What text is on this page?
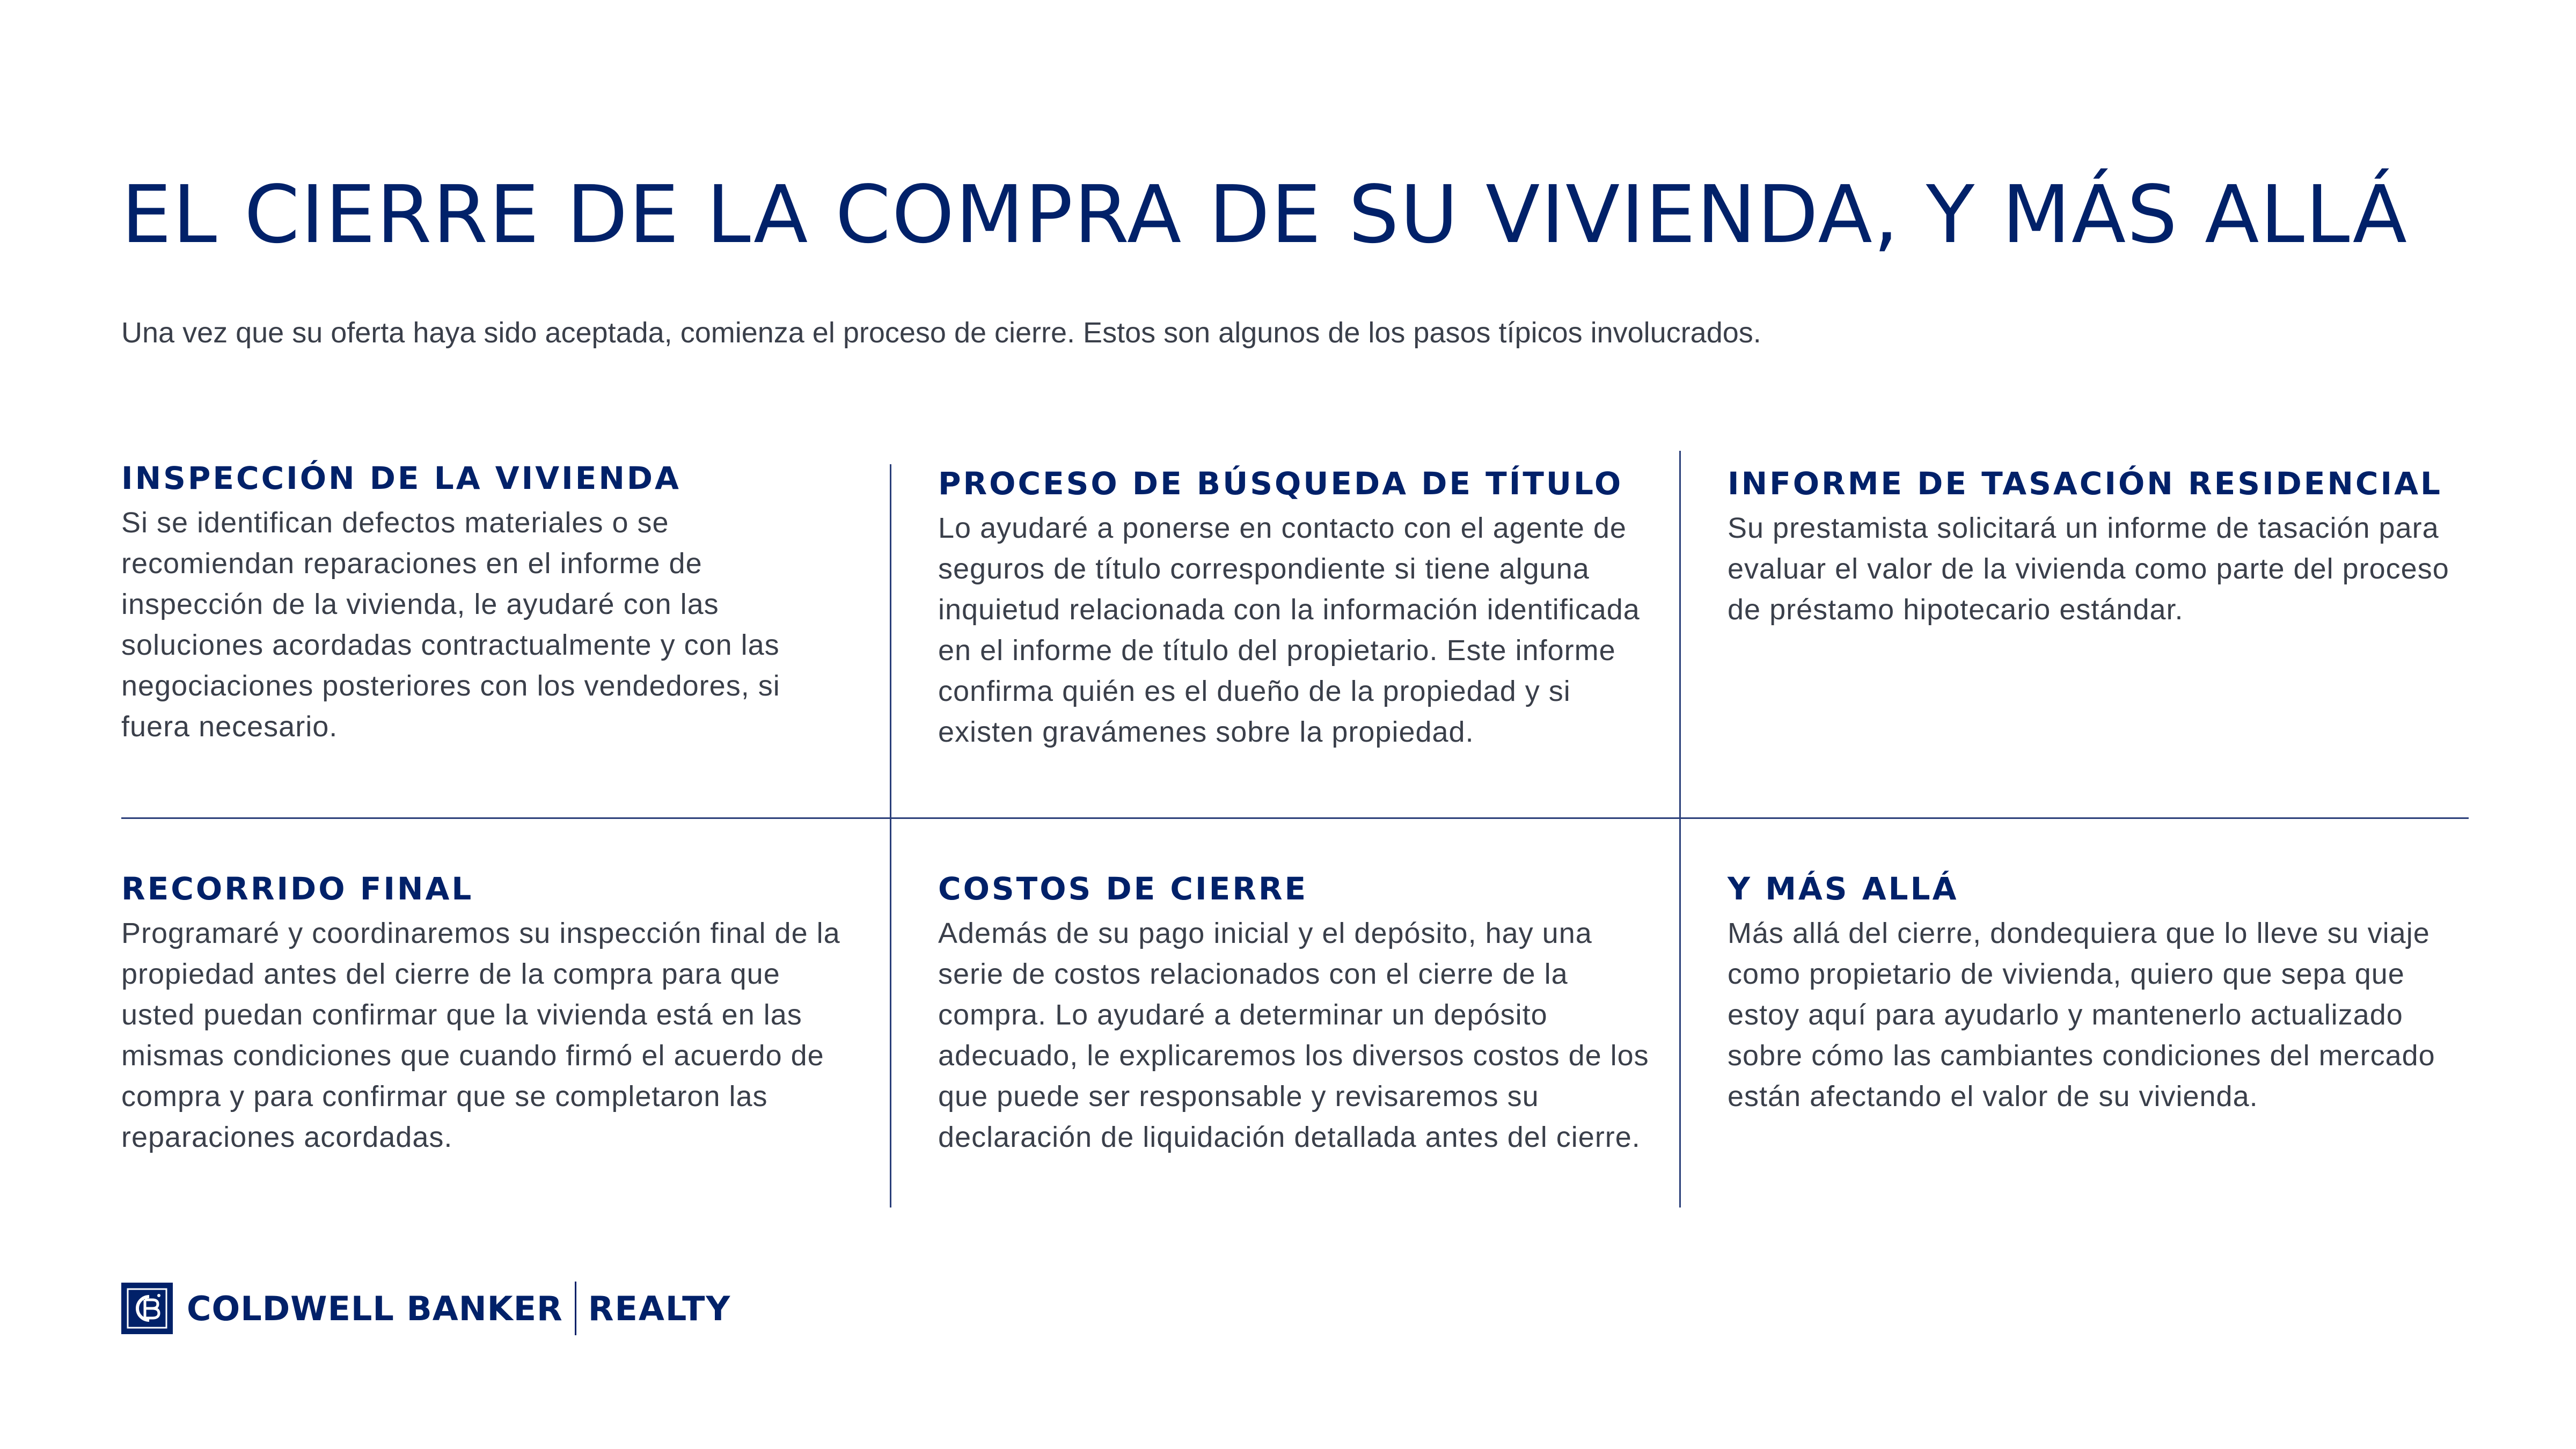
EL CIERRE DE LA COMPRA DE SU VIVIENDA, Y MÁS ALLÁ

Una vez que su oferta haya sido aceptada, comienza el proceso de cierre. Estos son algunos de los pasos típicos involucrados.

INSPECCIÓN DE LA VIVIENDA

Si se identifican defectos materiales o se recomiendan reparaciones en el informe de inspección de la vivienda, le ayudaré con las soluciones acordadas contractualmente y con las negociaciones posteriores con los vendedores, si fuera necesario.

PROCESO DE BÚSQUEDA DE TÍTULO

Lo ayudaré a ponerse en contacto con el agente de seguros de título correspondiente si tiene alguna inquietud relacionada con la información identificada en el informe de título del propietario. Este informe confirma quién es el dueño de la propiedad y si existen gravámenes sobre la propiedad.

INFORME DE TASACIÓN RESIDENCIAL

Su prestamista solicitará un informe de tasación para evaluar el valor de la vivienda como parte del proceso de préstamo hipotecario estándar.

RECORRIDO FINAL

Programaré y coordinaremos su inspección final de la propiedad antes del cierre de la compra para que usted puedan confirmar que la vivienda está en las mismas condiciones que cuando firmó el acuerdo de compra y para confirmar que se completaron las reparaciones acordadas.

COSTOS DE CIERRE

Además de su pago inicial y el depósito, hay una serie de costos relacionados con el cierre de la compra. Lo ayudaré a determinar un depósito adecuado, le explicaremos los diversos costos de los que puede ser responsable y revisaremos su declaración de liquidación detallada antes del cierre.

Y MÁS ALLÁ

Más allá del cierre, dondequiera que lo lleve su viaje como propietario de vivienda, quiero que sepa que estoy aquí para ayudarlo y mantenerlo actualizado sobre cómo las cambiantes condiciones del mercado están afectando el valor de su vivienda.

COLDWELL BANKER REALTY
